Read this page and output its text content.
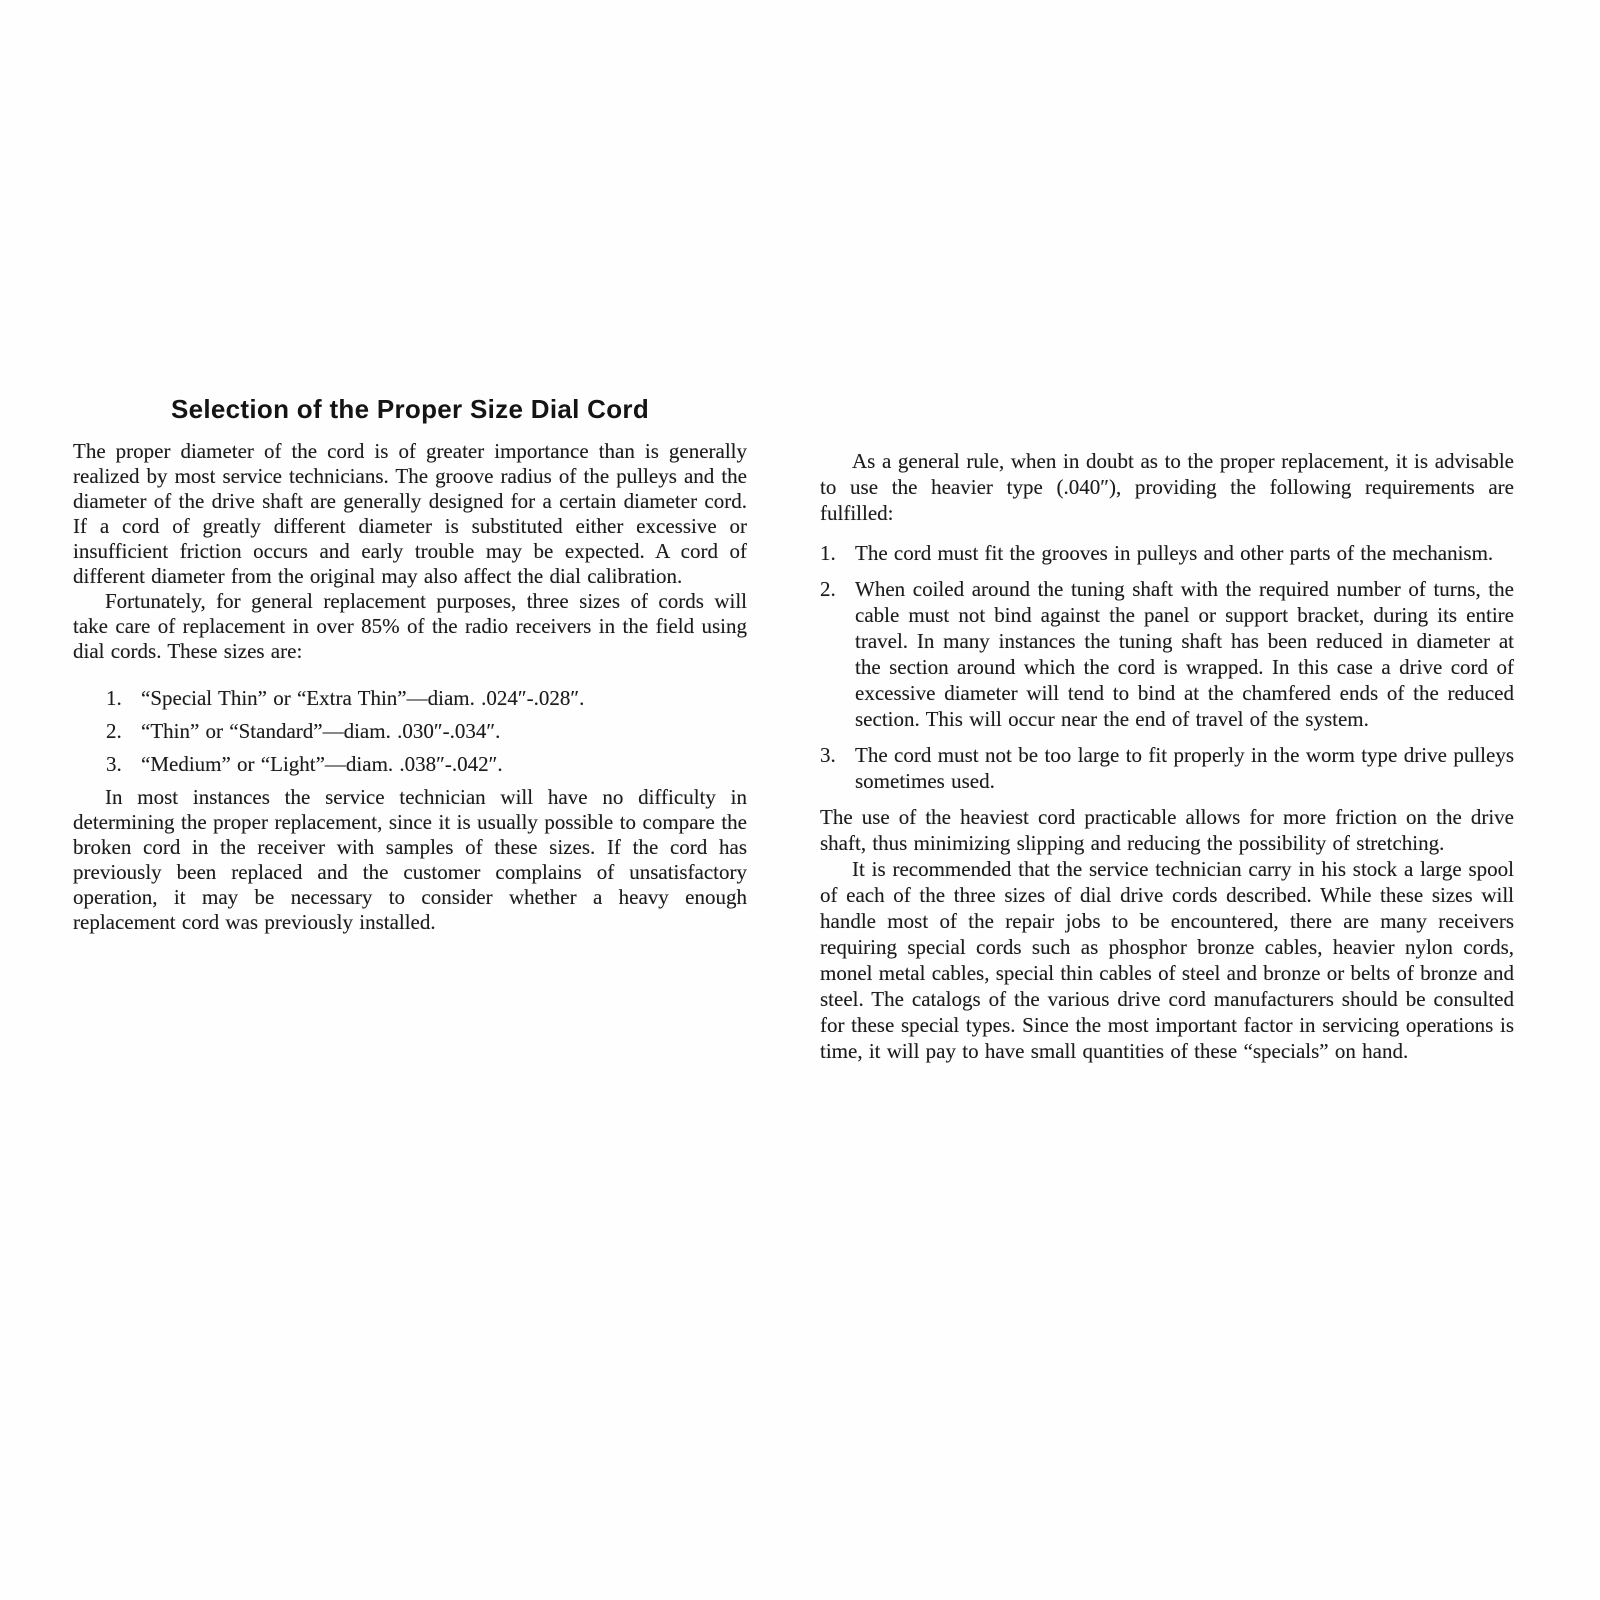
Selection of the Proper Size Dial Cord

The proper diameter of the cord is of greater importance than is generally realized by most service technicians. The groove radius of the pulleys and the diameter of the drive shaft are generally designed for a certain diameter cord. If a cord of greatly different diameter is substituted either excessive or insufficient friction occurs and early trouble may be expected. A cord of different diameter from the original may also affect the dial calibration.

Fortunately, for general replacement purposes, three sizes of cords will take care of replacement in over 85% of the radio receivers in the field using dial cords. These sizes are:

1. “Special Thin” or “Extra Thin”—diam. .024″-.028″.
2. “Thin” or “Standard”—diam. .030″-.034″.
3. “Medium” or “Light”—diam. .038″-.042″.

In most instances the service technician will have no difficulty in determining the proper replacement, since it is usually possible to compare the broken cord in the receiver with samples of these sizes. If the cord has previously been replaced and the customer complains of unsatisfactory operation, it may be necessary to consider whether a heavy enough replacement cord was previously installed.

As a general rule, when in doubt as to the proper replacement, it is advisable to use the heavier type (.040″), providing the following requirements are fulfilled:

1. The cord must fit the grooves in pulleys and other parts of the mechanism.
2. When coiled around the tuning shaft with the required number of turns, the cable must not bind against the panel or support bracket, during its entire travel. In many instances the tuning shaft has been reduced in diameter at the section around which the cord is wrapped. In this case a drive cord of excessive diameter will tend to bind at the chamfered ends of the reduced section. This will occur near the end of travel of the system.
3. The cord must not be too large to fit properly in the worm type drive pulleys sometimes used.

The use of the heaviest cord practicable allows for more friction on the drive shaft, thus minimizing slipping and reducing the possibility of stretching.

It is recommended that the service technician carry in his stock a large spool of each of the three sizes of dial drive cords described. While these sizes will handle most of the repair jobs to be encountered, there are many receivers requiring special cords such as phosphor bronze cables, heavier nylon cords, monel metal cables, special thin cables of steel and bronze or belts of bronze and steel. The catalogs of the various drive cord manufacturers should be consulted for these special types. Since the most important factor in servicing operations is time, it will pay to have small quantities of these “specials” on hand.
